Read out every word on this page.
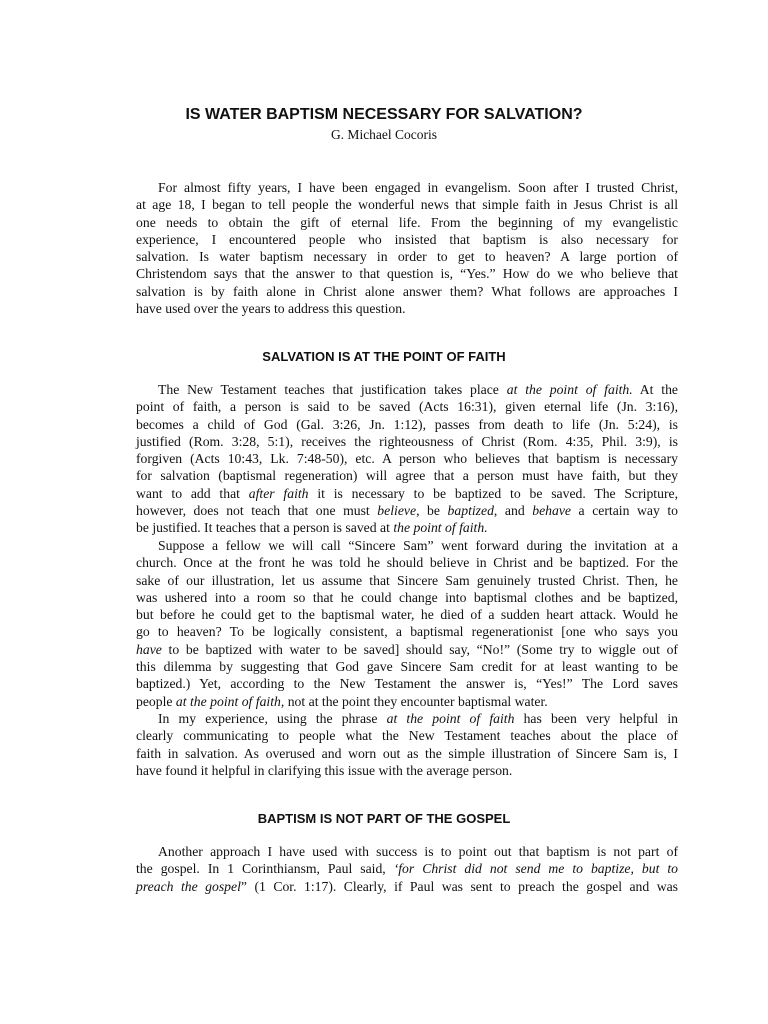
IS WATER BAPTISM NECESSARY FOR SALVATION?
G. Michael Cocoris
For almost fifty years, I have been engaged in evangelism. Soon after I trusted Christ,
at age 18, I began to tell people the wonderful news that simple faith in Jesus Christ is all
one needs to obtain the gift of eternal life. From the beginning of my evangelistic
experience, I encountered people who insisted that baptism is also necessary for
salvation. Is water baptism necessary in order to get to heaven? A large portion of
Christendom says that the answer to that question is, “Yes.” How do we who believe that
salvation is by faith alone in Christ alone answer them? What follows are approaches I
have used over the years to address this question.
SALVATION IS AT THE POINT OF FAITH
The New Testament teaches that justification takes place at the point of faith. At the
point of faith, a person is said to be saved (Acts 16:31), given eternal life (Jn. 3:16),
becomes a child of God (Gal. 3:26, Jn. 1:12), passes from death to life (Jn. 5:24), is
justified (Rom. 3:28, 5:1), receives the righteousness of Christ (Rom. 4:35, Phil. 3:9), is
forgiven (Acts 10:43, Lk. 7:48-50), etc. A person who believes that baptism is necessary
for salvation (baptismal regeneration) will agree that a person must have faith, but they
want to add that after faith it is necessary to be baptized to be saved. The Scripture,
however, does not teach that one must believe, be baptized, and behave a certain way to
be justified. It teaches that a person is saved at the point of faith.
Suppose a fellow we will call “Sincere Sam” went forward during the invitation at a
church. Once at the front he was told he should believe in Christ and be baptized. For the
sake of our illustration, let us assume that Sincere Sam genuinely trusted Christ. Then, he
was ushered into a room so that he could change into baptismal clothes and be baptized,
but before he could get to the baptismal water, he died of a sudden heart attack. Would he
go to heaven? To be logically consistent, a baptismal regenerationist [one who says you
have to be baptized with water to be saved] should say, “No!” (Some try to wiggle out of
this dilemma by suggesting that God gave Sincere Sam credit for at least wanting to be
baptized.) Yet, according to the New Testament the answer is, “Yes!” The Lord saves
people at the point of faith, not at the point they encounter baptismal water.
In my experience, using the phrase at the point of faith has been very helpful in
clearly communicating to people what the New Testament teaches about the place of
faith in salvation. As overused and worn out as the simple illustration of Sincere Sam is, I
have found it helpful in clarifying this issue with the average person.
BAPTISM IS NOT PART OF THE GOSPEL
Another approach I have used with success is to point out that baptism is not part of
the gospel. In 1 Corinthiansm, Paul said, ‘for Christ did not send me to baptize, but to
preach the gospel” (1 Cor. 1:17). Clearly, if Paul was sent to preach the gospel and was
